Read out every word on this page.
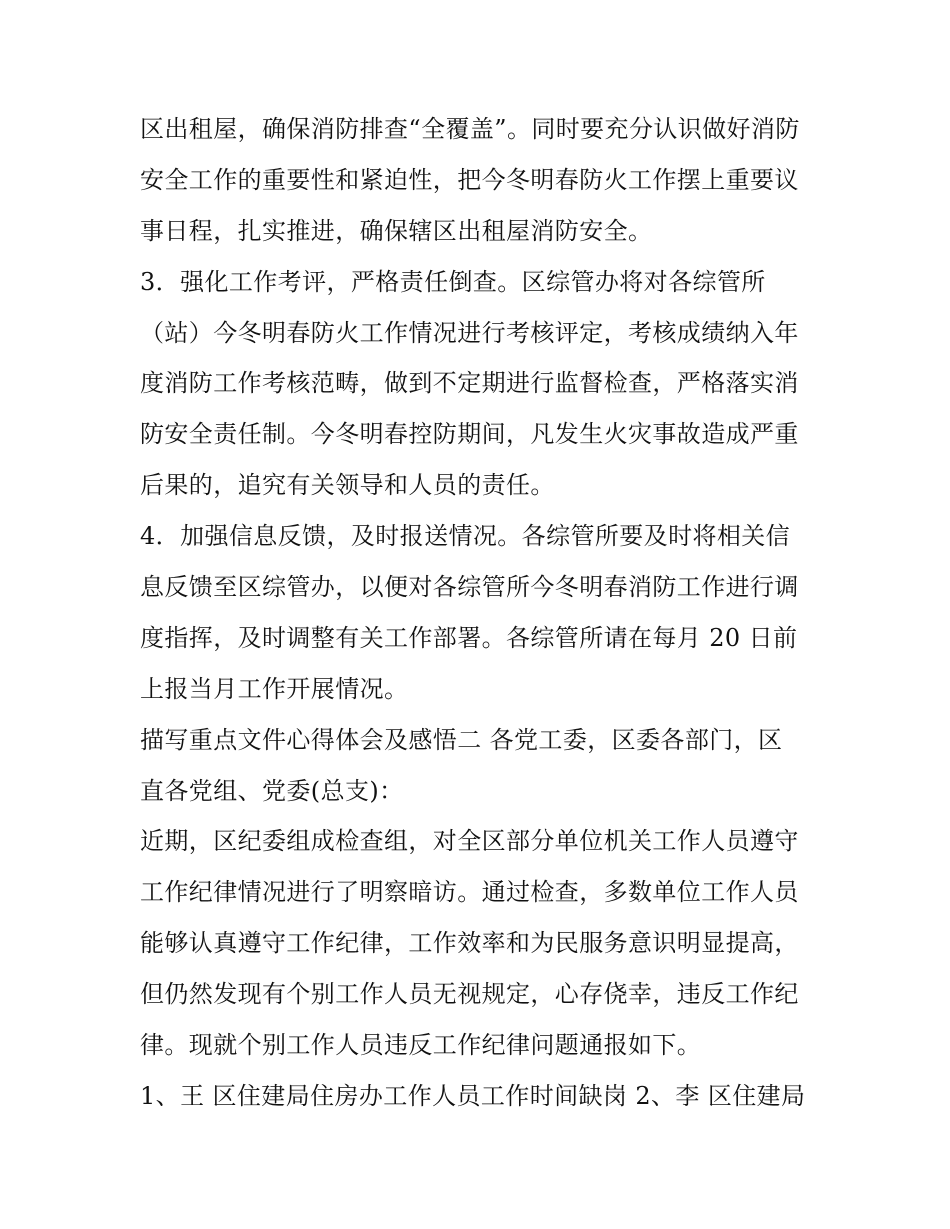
区出租屋，确保消防排查“全覆盖”。同时要充分认识做好消防
安全工作的重要性和紧迫性，把今冬明春防火工作摆上重要议
事日程，扎实推进，确保辖区出租屋消防安全。
3．强化工作考评，严格责任倒查。区综管办将对各综管所
（站）今冬明春防火工作情况进行考核评定，考核成绩纳入年
度消防工作考核范畴，做到不定期进行监督检查，严格落实消
防安全责任制。今冬明春控防期间，凡发生火灾事故造成严重
后果的，追究有关领导和人员的责任。
4．加强信息反馈，及时报送情况。各综管所要及时将相关信
息反馈至区综管办，以便对各综管所今冬明春消防工作进行调
度指挥，及时调整有关工作部署。各综管所请在每月 20 日前
上报当月工作开展情况。
描写重点文件心得体会及感悟二 各党工委，区委各部门，区
直各党组、党委(总支)：
近期，区纪委组成检查组，对全区部分单位机关工作人员遵守
工作纪律情况进行了明察暗访。通过检查，多数单位工作人员
能够认真遵守工作纪律，工作效率和为民服务意识明显提高，
但仍然发现有个别工作人员无视规定，心存侥幸，违反工作纪
律。现就个别工作人员违反工作纪律问题通报如下。
1、王 区住建局住房办工作人员工作时间缺岗 2、李 区住建局
